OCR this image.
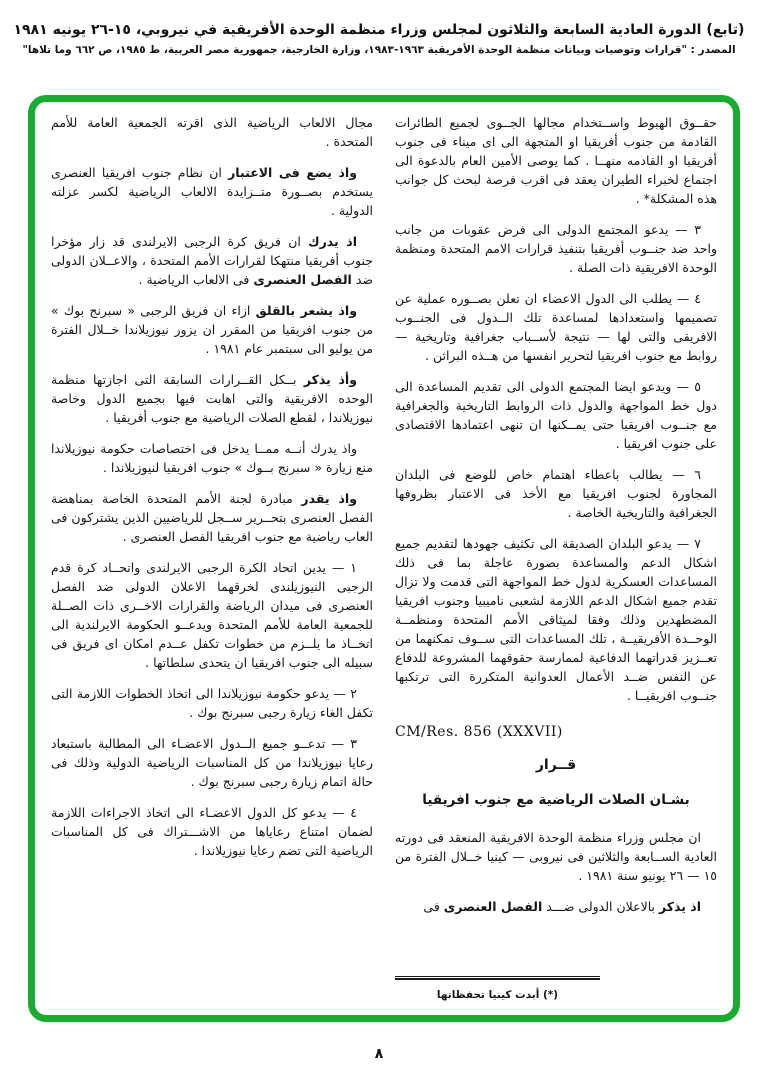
(تابع) الدورة العادية السابعة والثلاثون لمجلس وزراء منظمة الوحدة الأفريقية في نيروبي، ١٥-٢٦ يونيه ١٩٨١
المصدر : "قرارات وتوصيات وبيانات منظمة الوحدة الأفريقية ١٩٦٣-١٩٨٣، وزارة الخارجية، جمهورية مصر العربية، ط ١٩٨٥، ص ٦٦٢ وما تلاها"

حقــوق الهبوط واســتخدام مجالها الجــوى لجميع الطائرات القادمة من جنوب أفريقيا او المتجهة الى اى ميناء فى جنوب أفريقيا او القادمه منهــا . كما يوصى الأمين العام بالدعوة الى اجتماع لخبراء الطيران يعقد فى اقرب فرصة لبحث كل جوانب هذه المشكلة* .

٣ — يدعو المجتمع الدولى الى فرض عقوبات من جانب واحد ضد جنــوب أفريقيا بتنفيذ قرارات الامم المتحدة ومنظمة الوحدة الافريقية ذات الصلة .

٤ — يطلب الى الدول الاعضاء ان تعلن بصــوره عملية عن تصميمها واستعدادها لمساعدة تلك الــدول فى الجنــوب الافريقى والتى لها — نتيجة لأســباب جغرافية وتاريخية — روابط مع جنوب افريقيا لتحرير انفسها من هــذه البراثن .

٥ — ويدعو ايضا المجتمع الدولى الى تقديم المساعدة الى دول خط المواجهة والدول ذات الروابط التاريخية والجغرافية مع جنــوب افريقيا حتى يمــكنها ان تنهى اعتمادها الاقتصادى على جنوب افريقيا .

٦ — يطالب باعطاء اهتمام خاص للوضع فى البلدان المجاورة لجنوب افريقيا مع الأخذ فى الاعتبار بظروفها الجغرافية والتاريخية الخاصة .

٧ — يدعو البلدان الصديقة الى تكثيف جهودها لتقديم جميع اشكال الدعم والمساعدة بصورة عاجلة بما فى ذلك المساعدات العسكرية لدول خط المواجهة التى قدمت ولا تزال تقدم جميع اشكال الدعم اللازمة لشعبى ناميبيا وجنوب افريقيا المضطهدين وذلك وفقا لميثاقى الأمم المتحدة ومنظمــة الوحــدة الأفريقيــة ، تلك المساعدات التى ســوف تمكنهما من تعــزيز قدراتهما الدفاعية لممارسة حقوقهما المشروعة للدفاع عن النفس ضــد الأعمال العدوانية المتكررة التى ترتكبها جنــوب افريقيــا .

CM/Res. 856 (XXXVII)
قــرار
بشـان الصلات الرياضية مع جنوب افريقيا

ان مجلس وزراء منظمة الوحدة الافريقية المنعقد فى دورته العادية الســابعة والثلاثين فى نيروبى — كينيا خــلال الفترة من ١٥ — ٢٦ يونيو سنة ١٩٨١ .

اذ يذكر بالاعلان الدولى ضـــد الفصل العنصرى فى

(*) أبدت كينيا تحفظاتها

مجال الالعاب الرياضية الذى اقرته الجمعية العامة للأمم المتحدة .

واذ يضع فى الاعتبار ان نظام جنوب افريقيا العنصرى يستخدم بصــورة متــزايدة الالعاب الرياضية لكسر عزلته الدولية .

اذ يدرك ان فريق كرة الرجبى الايرلندى قد زار مؤخرا جنوب أفريقيا منتهكا لقرارات الأمم المتحدة ، والاعــلان الدولى ضد الفصل العنصرى فى الالعاب الرياضية .

واذ يشعر بالقلق ازاء ان فريق الرجبى « سبرنج بوك » من جنوب افريقيا من المقرر ان يزور نيوزيلاندا خــلال الفترة من يوليو الى سبتمبر عام ١٩٨١ .

وأذ يذكر بــكل القــرارات السابقة التى اجازتها منظمة الوحده الافريقية والتى اهابت فيها بجميع الدول وخاصة نيوزيلاندا ، لقطع الصلات الرياضية مع جنوب أفريقيا .

واذ يدرك أنــه ممــا يدخل فى اختصاصات حكومة نيوزيلاندا منع زيارة « سبرنج بــوك » جنوب افريقيا لنيوزيلاندا .

واذ يقدر مبادرة لجنة الأمم المتحدة الخاصة بمناهضة الفصل العنصرى بتحــرير ســجل للرياضيين الذين يشتركون فى العاب رياضية مع جنوب افريقيا الفصل العنصرى .

١ — يدين اتحاد الكرة الرجبى الايرلندى واتحــاد كرة قدم الرجبى النيوزيلندى لخرقهما الاعلان الدولى ضد الفصل العنصرى فى ميدان الرياضة والقرارات الاخــرى ذات الصــلة للجمعية العامة للأمم المتحدة ويدعــو الحكومة الايرلندية الى اتخــاذ ما يلــزم من خطوات تكفل عــدم امكان اى فريق فى سبيله الى جنوب افريقيا ان يتحدى سلطاتها .

٢ — يدعو حكومة نيوزيلاندا الى اتخاذ الخطوات اللازمة التى تكفل الغاء زيارة رجبى سبرنج بوك .

٣ — تدعــو جميع الــدول الاعضـاء الى المطالبة باستبعاد رعايا نيوزيلاندا من كل المناسبات الرياضية الدولية وذلك فى حالة اتمام زيارة رجبى سبرنج بوك .

٤ — يدعو كل الدول الاعضـاء الى اتخاذ الاجراءات اللازمة لضمان امتناع رعاياها من الاشـــتراك فى كل المناسبات الرياضية التى تضم رعايا نيوزيلاندا .

٨
